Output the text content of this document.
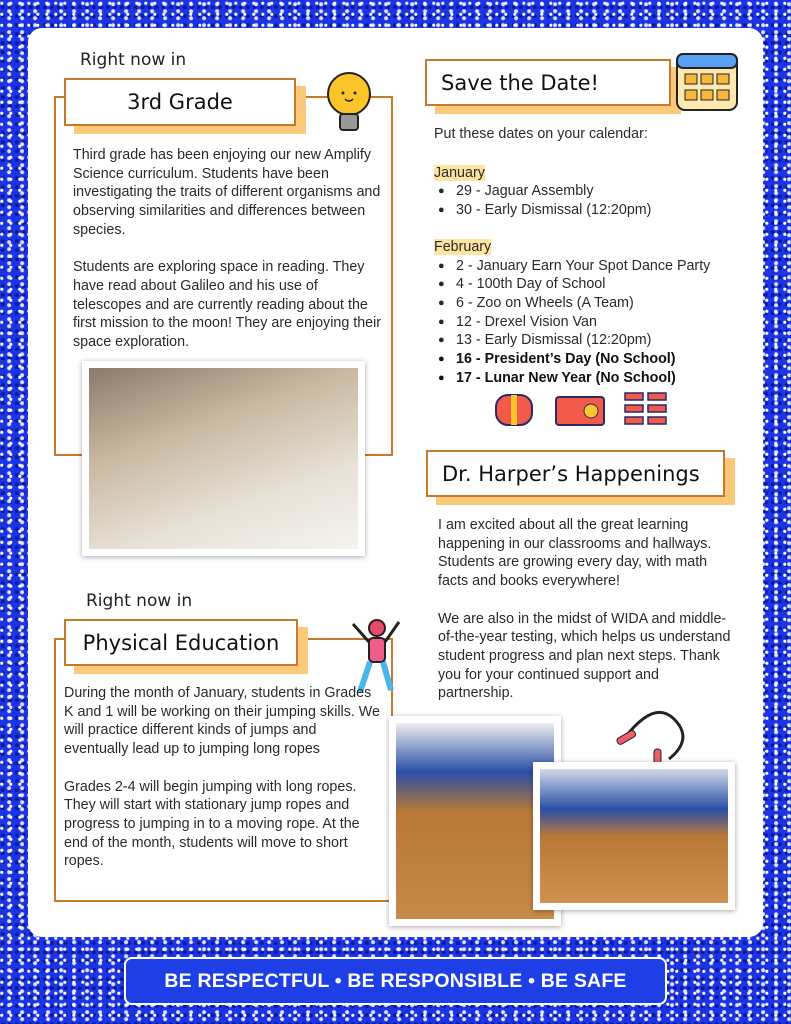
Right now in
3rd Grade

Third grade has been enjoying our new Amplify Science curriculum. Students have been investigating the traits of different organisms and observing similarities and differences between species.

Students are exploring space in reading. They have read about Galileo and his use of telescopes and are currently reading about the first mission to the moon! They are enjoying their space exploration.

Right now in
Physical Education

During the month of January, students in Grades K and 1 will be working on their jumping skills. We will practice different kinds of jumps and eventually lead up to jumping long ropes

Grades 2-4 will begin jumping with long ropes. They will start with stationary jump ropes and progress to jumping in to a moving rope. At the end of the month, students will move to short ropes.

Save the Date!

Put these dates on your calendar:

January
● 29 - Jaguar Assembly
● 30 - Early Dismissal (12:20pm)
February
● 2 - January Earn Your Spot Dance Party
● 4 - 100th Day of School
● 6 - Zoo on Wheels (A Team)
● 12 - Drexel Vision Van
● 13 - Early Dismissal (12:20pm)
● 16 - President’s Day (No School)
● 17 - Lunar New Year (No School)
Dr. Harper’s Happenings

I am excited about all the great learning happening in our classrooms and hallways. Students are growing every day, with math facts and books everywhere!

We are also in the midst of WIDA and middle-of-the-year testing, which helps us understand student progress and plan next steps. Thank you for your continued support and partnership.

BE RESPECTFUL • BE RESPONSIBLE • BE SAFE
